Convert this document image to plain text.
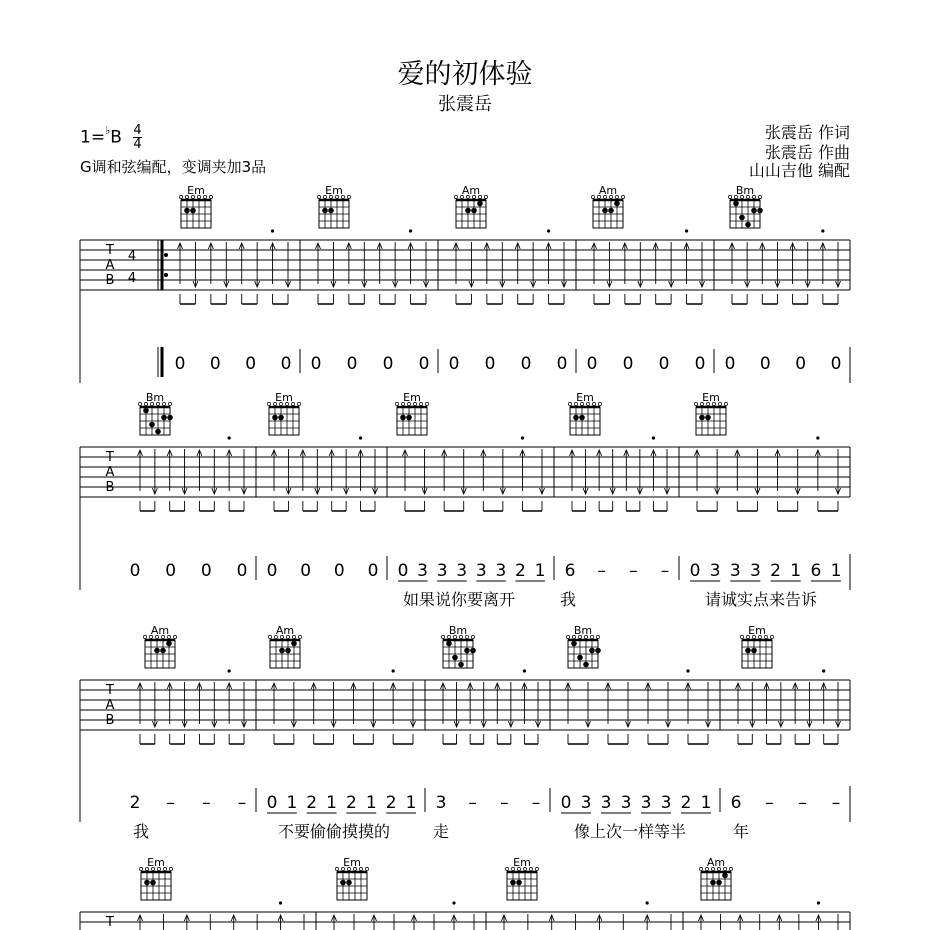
爱的初体验
张震岳
$1=^♭B \frac{4}{4}$
G调和弦编配，变调夹加3品
张震岳 作词
张震岳 作曲
山山吉他 编配
Em	Em	Am	Am	Bm
T
A
B
4
4
0 0 0 0 0 0 0 0 0 0 0 0 0 0 0 0 0 0 0 0
Bm	Em	Em	Em	Em
T
A
B
0 0 0 0 0 0 0 0 0 3 3 3 3 3 2 1 6 – – – 0 3 3 3 2 1 6 1
Am	Am	Bm	Bm	Em
T
A
B
2 – – – 0 1 2 1 2 1 2 1 3 – – – 0 3 3 3 3 3 2 1 6 – – –
Em	Em	Em	Am
T
如果说你要离开	我	请诚实点来告诉
我	不要偷偷摸摸的	走	像上次一样等半	年
